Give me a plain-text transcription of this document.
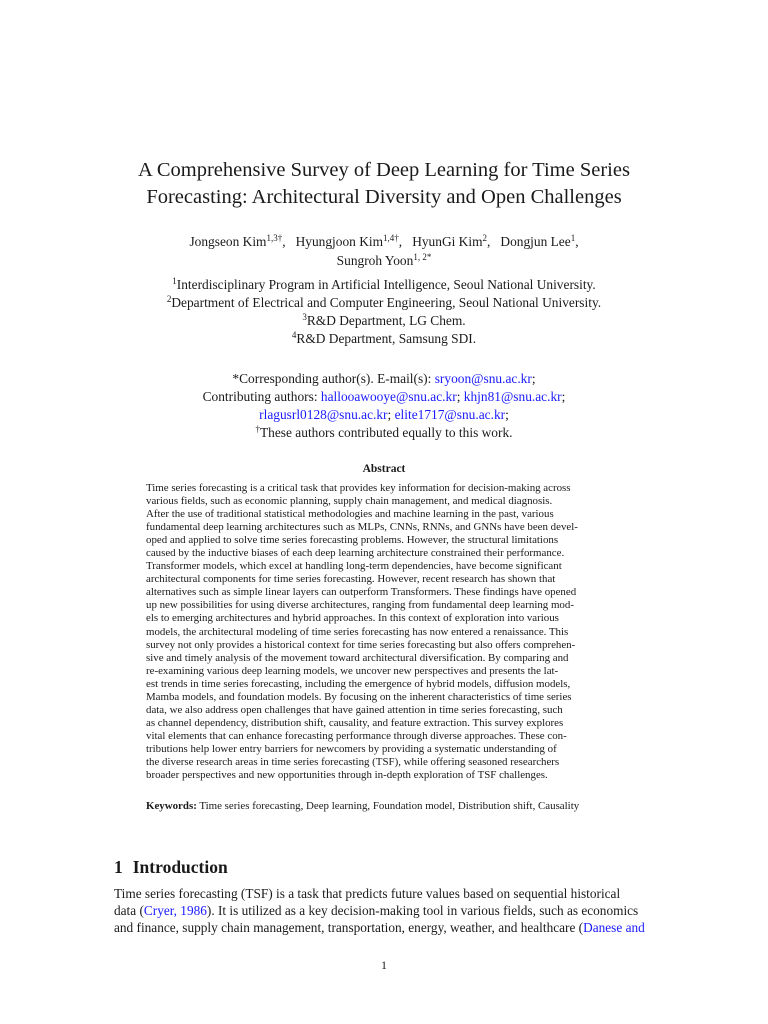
A Comprehensive Survey of Deep Learning for Time Series
Forecasting: Architectural Diversity and Open Challenges
Jongseon Kim$^{1,3\dagger}$,   Hyungjoon Kim$^{1,4\dagger}$,   HyunGi Kim$^2$,   Dongjun Lee$^1$,
Sungroh Yoon$^{1, 2*}$
$^1$Interdisciplinary Program in Artificial Intelligence, Seoul National University.
$^2$Department of Electrical and Computer Engineering, Seoul National University.
$^3$R&D Department, LG Chem.
$^4$R&D Department, Samsung SDI.
*Corresponding author(s). E-mail(s): sryoon@snu.ac.kr;
Contributing authors: hallooawooye@snu.ac.kr; khjn81@snu.ac.kr;
rlagusrl0128@snu.ac.kr; elite1717@snu.ac.kr;
†These authors contributed equally to this work.
Abstract
Time series forecasting is a critical task that provides key information for decision-making across
various fields, such as economic planning, supply chain management, and medical diagnosis.
After the use of traditional statistical methodologies and machine learning in the past, various
fundamental deep learning architectures such as MLPs, CNNs, RNNs, and GNNs have been devel-
oped and applied to solve time series forecasting problems. However, the structural limitations
caused by the inductive biases of each deep learning architecture constrained their performance.
Transformer models, which excel at handling long-term dependencies, have become significant
architectural components for time series forecasting. However, recent research has shown that
alternatives such as simple linear layers can outperform Transformers. These findings have opened
up new possibilities for using diverse architectures, ranging from fundamental deep learning mod-
els to emerging architectures and hybrid approaches. In this context of exploration into various
models, the architectural modeling of time series forecasting has now entered a renaissance. This
survey not only provides a historical context for time series forecasting but also offers comprehen-
sive and timely analysis of the movement toward architectural diversification. By comparing and
re-examining various deep learning models, we uncover new perspectives and presents the lat-
est trends in time series forecasting, including the emergence of hybrid models, diffusion models,
Mamba models, and foundation models. By focusing on the inherent characteristics of time series
data, we also address open challenges that have gained attention in time series forecasting, such
as channel dependency, distribution shift, causality, and feature extraction. This survey explores
vital elements that can enhance forecasting performance through diverse approaches. These con-
tributions help lower entry barriers for newcomers by providing a systematic understanding of
the diverse research areas in time series forecasting (TSF), while offering seasoned researchers
broader perspectives and new opportunities through in-depth exploration of TSF challenges.
Keywords: Time series forecasting, Deep learning, Foundation model, Distribution shift, Causality
1 Introduction
Time series forecasting (TSF) is a task that predicts future values based on sequential historical
data (Cryer, 1986). It is utilized as a key decision-making tool in various fields, such as economics
and finance, supply chain management, transportation, energy, weather, and healthcare (Danese and
1
